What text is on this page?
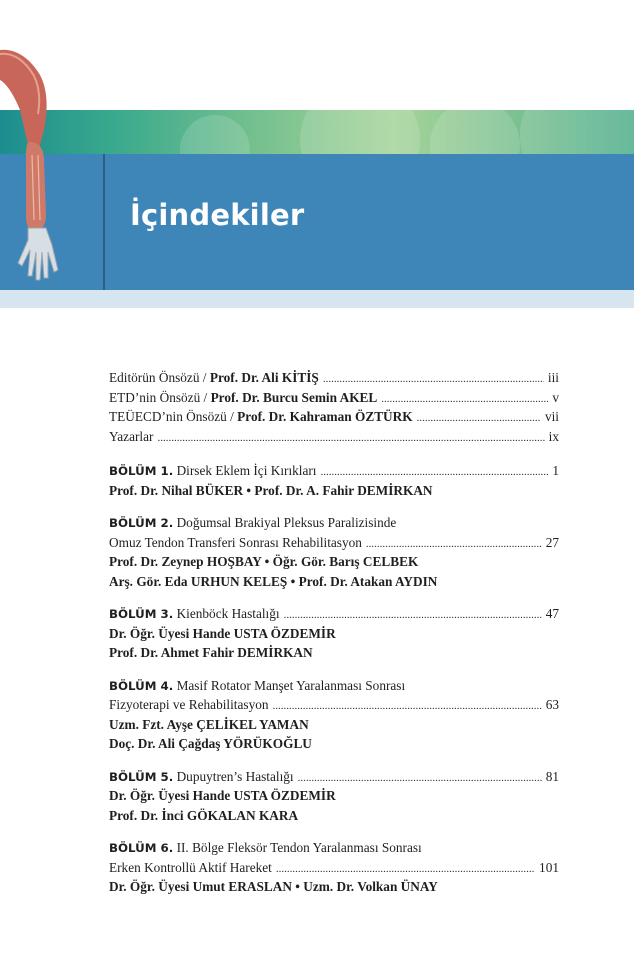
İçindekiler
Editörün Önsözü / Prof. Dr. Ali KİTİŞ .....	iii
ETD’nin Önsözü / Prof. Dr. Burcu Semin AKEL .....	v
TEÜECD’nin Önsözü / Prof. Dr. Kahraman ÖZTÜRK .....	vii
Yazarlar .....	ix
BÖLÜM 1. Dirsek Eklem İçi Kırıkları .....	1
Prof. Dr. Nihal BÜKER • Prof. Dr. A. Fahir DEMİRKAN
BÖLÜM 2. Doğumsal Brakiyal Pleksus Paralizisinde
Omuz Tendon Transferi Sonrası Rehabilitasyon .....	27
Prof. Dr. Zeynep HOŞBAY • Öğr. Gör. Barış CELBEK
Arş. Gör. Eda URHUN KELEŞ • Prof. Dr. Atakan AYDIN
BÖLÜM 3. Kienböck Hastalığı .....	47
Dr. Öğr. Üyesi Hande USTA ÖZDEMİR
Prof. Dr. Ahmet Fahir DEMİRKAN
BÖLÜM 4. Masif Rotator Manşet Yaralanması Sonrası
Fizyoterapi ve Rehabilitasyon .....	63
Uzm. Fzt. Ayşe ÇELİKEL YAMAN
Doç. Dr. Ali Çağdaş YÖRÜKOĞLU
BÖLÜM 5. Dupuytren’s Hastalığı .....	81
Dr. Öğr. Üyesi Hande USTA ÖZDEMİR
Prof. Dr. İnci GÖKALAN KARA
BÖLÜM 6. II. Bölge Fleksör Tendon Yaralanması Sonrası
Erken Kontrollü Aktif Hareket .....	101
Dr. Öğr. Üyesi Umut ERASLAN • Uzm. Dr. Volkan ÜNAY
